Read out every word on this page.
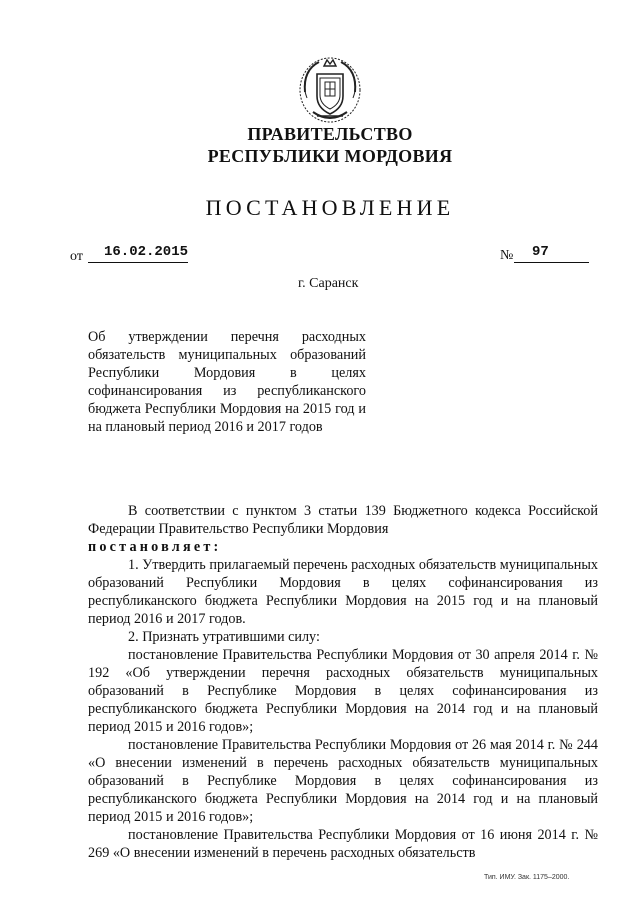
ПРАВИТЕЛЬСТВО
РЕСПУБЛИКИ МОРДОВИЯ
ПОСТАНОВЛЕНИЕ
от 16.02.2015	№ 97
г. Саранск
Об утверждении перечня расходных обязательств муниципальных образований Республики Мордовия в целях софинансирования из республиканского бюджета Республики Мордовия на 2015 год и на плановый период 2016 и 2017 годов

В соответствии с пунктом 3 статьи 139 Бюджетного кодекса Российской Федерации Правительство Республики Мордовия

постановляет:

1. Утвердить прилагаемый перечень расходных обязательств муниципальных образований Республики Мордовия в целях софинансирования из республиканского бюджета Республики Мордовия на 2015 год и на плановый период 2016 и 2017 годов.

2. Признать утратившими силу:

постановление Правительства Республики Мордовия от 30 апреля 2014 г. № 192 «Об утверждении перечня расходных обязательств муниципальных образований в Республике Мордовия в целях софинансирования из республиканского бюджета Республики Мордовия на 2014 год и на плановый период 2015 и 2016 годов»;

постановление Правительства Республики Мордовия от 26 мая 2014 г. № 244 «О внесении изменений в перечень расходных обязательств муниципальных образований в Республике Мордовия в целях софинансирования из республиканского бюджета Республики Мордовия на 2014 год и на плановый период 2015 и 2016 годов»;

постановление Правительства Республики Мордовия от 16 июня 2014 г. № 269 «О внесении изменений в перечень расходных обязательств

Тип. ИМУ. Зак. 1175–2000.
